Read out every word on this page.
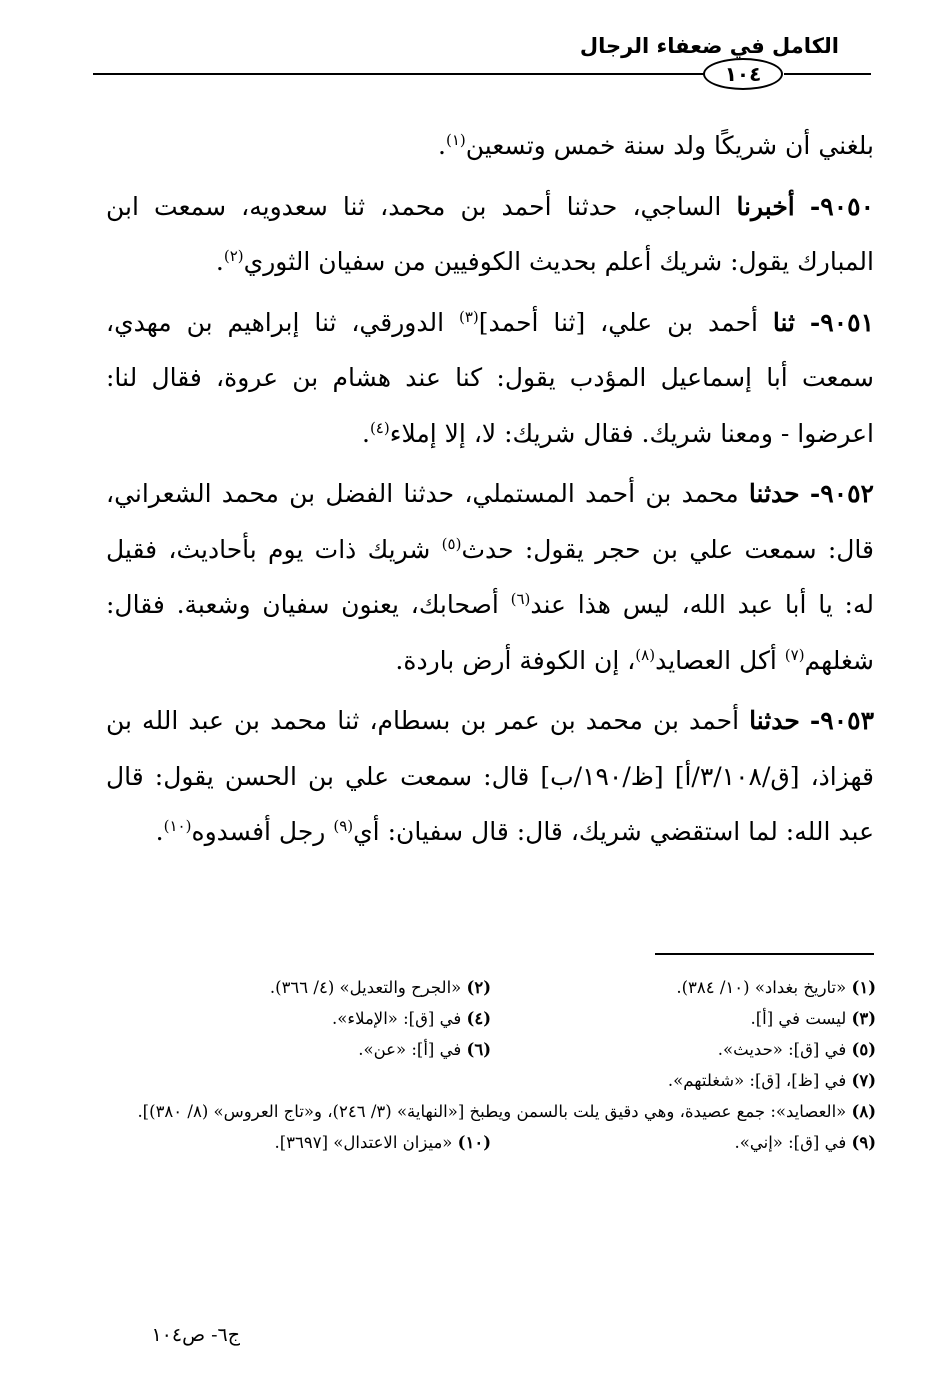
الكامل في ضعفاء الرجال
١٠٤

بلغني أن شريكًا ولد سنة خمس وتسعين$^{(١)}$.

٩٠٥٠- أخبرنا الساجي، حدثنا أحمد بن محمد، ثنا سعدويه، سمعت ابن المبارك يقول: شريك أعلم بحديث الكوفيين من سفيان الثوري$^{(٢)}$.

٩٠٥١- ثنا أحمد بن علي، [ثنا أحمد]$^{(٣)}$ الدورقي، ثنا إبراهيم بن مهدي، سمعت أبا إسماعيل المؤدب يقول: كنا عند هشام بن عروة، فقال لنا: اعرضوا - ومعنا شريك. فقال شريك: لا، إلا إملاء$^{(٤)}$.

٩٠٥٢- حدثنا محمد بن أحمد المستملي، حدثنا الفضل بن محمد الشعراني، قال: سمعت علي بن حجر يقول: حدث$^{(٥)}$ شريك ذات يوم بأحاديث، فقيل له: يا أبا عبد الله، ليس هذا عند$^{(٦)}$ أصحابك، يعنون سفيان وشعبة. فقال: شغلهم$^{(٧)}$ أكل العصايد$^{(٨)}$، إن الكوفة أرض باردة.

٩٠٥٣- حدثنا أحمد بن محمد بن عمر بن بسطام، ثنا محمد بن عبد الله بن قهزاذ، [ق/٣/١٠٨/أ] [ظ/١٩٠/ب] قال: سمعت علي بن الحسن يقول: قال عبد الله: لما استقضي شريك، قال: قال سفيان: أي$^{(٩)}$ رجل أفسدوه$^{(١٠)}$.

(١) «تاريخ بغداد» (١٠/ ٣٨٤).
(٢) «الجرح والتعديل» (٤/ ٣٦٦).
(٣) ليست في [أ].
(٤) في [ق]: «الإملاء».
(٥) في [ق]: «حديث».
(٦) في [أ]: «عن».
(٧) في [ظ]، [ق]: «شغلتهم».
(٨) «العصايد»: جمع عصيدة، وهي دقيق يلت بالسمن ويطبخ [«النهاية» (٣/ ٢٤٦)، و«تاج العروس» (٨/ ٣٨٠)].
(٩) في [ق]: «إني».
(١٠) «ميزان الاعتدال» [٣٦٩٧].
ج٦- ص١٠٤
